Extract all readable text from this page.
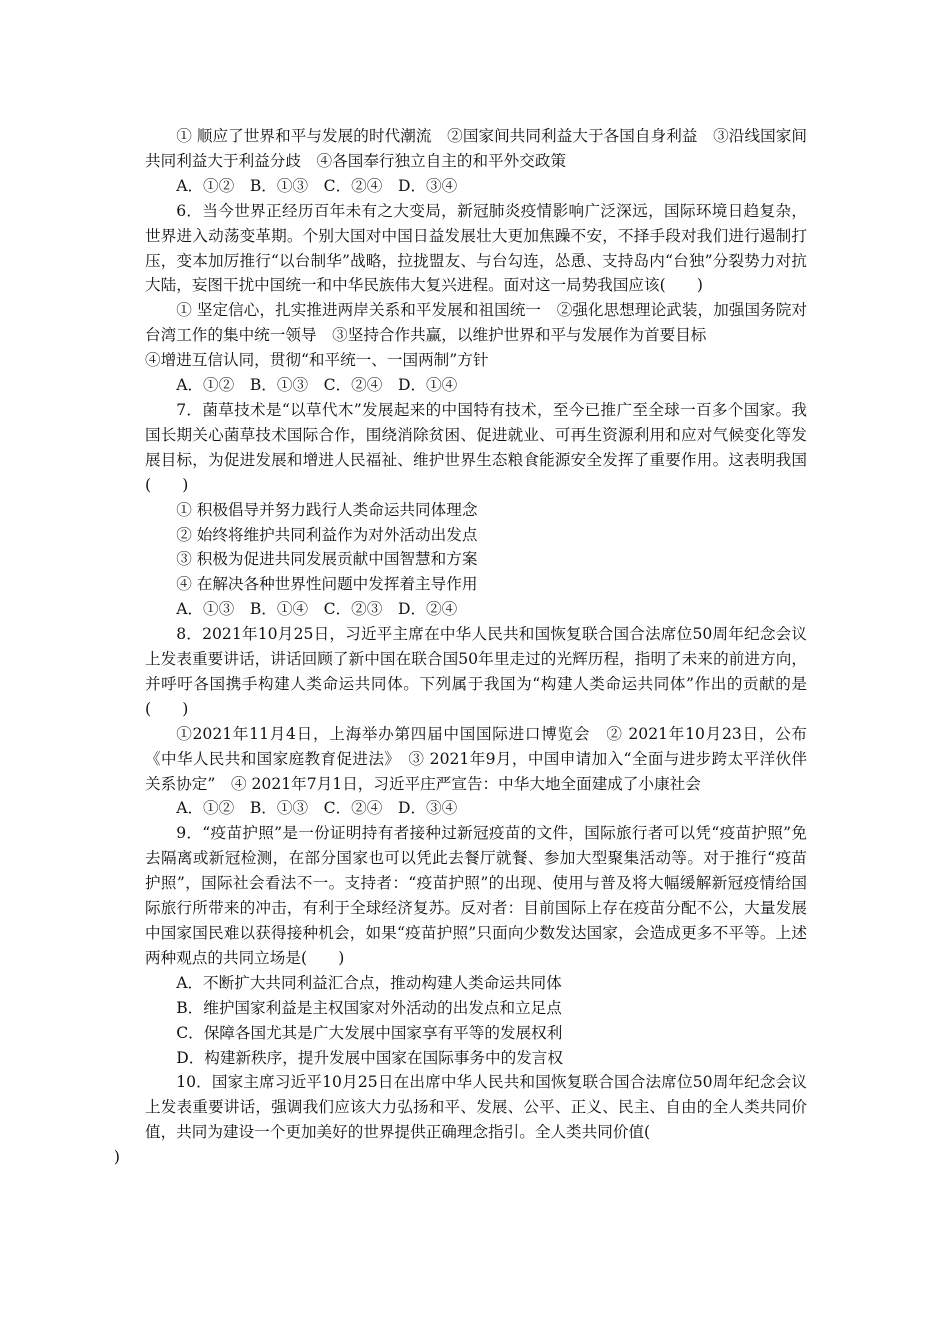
① 顺应了世界和平与发展的时代潮流　②国家间共同利益大于各国自身利益　③沿线国家间共同利益大于利益分歧　④各国奉行独立自主的和平外交政策

A．①②　B．①③　C．②④　D．③④

6．当今世界正经历百年未有之大变局，新冠肺炎疫情影响广泛深远，国际环境日趋复杂，世界进入动荡变革期。个别大国对中国日益发展壮大更加焦躁不安，不择手段对我们进行遏制打压，变本加厉推行“以台制华”战略，拉拢盟友、与台勾连，怂恿、支持岛内“台独”分裂势力对抗大陆，妄图干扰中国统一和中华民族伟大复兴进程。面对这一局势我国应该(　　)

① 坚定信心，扎实推进两岸关系和平发展和祖国统一　②强化思想理论武装，加强国务院对台湾工作的集中统一领导　③坚持合作共赢，以维护世界和平与发展作为首要目标
④增进互信认同，贯彻“和平统一、一国两制”方针

A．①②　B．①③　C．②④　D．①④

7．菌草技术是“以草代木”发展起来的中国特有技术，至今已推广至全球一百多个国家。我国长期关心菌草技术国际合作，围绕消除贫困、促进就业、可再生资源利用和应对气候变化等发展目标，为促进发展和增进人民福祉、维护世界生态粮食能源安全发挥了重要作用。这表明我国(　　)

① 积极倡导并努力践行人类命运共同体理念

② 始终将维护共同利益作为对外活动出发点

③ 积极为促进共同发展贡献中国智慧和方案

④ 在解决各种世界性问题中发挥着主导作用

A．①③　B．①④　C．②③　D．②④

8．2021年10月25日，习近平主席在中华人民共和国恢复联合国合法席位50周年纪念会议上发表重要讲话，讲话回顾了新中国在联合国50年里走过的光辉历程，指明了未来的前进方向，并呼吁各国携手构建人类命运共同体。下列属于我国为“构建人类命运共同体”作出的贡献的是(　　)

①2021年11月4日，上海举办第四届中国国际进口博览会　② 2021年10月23日，公布《中华人民共和国家庭教育促进法》　③ 2021年9月，中国申请加入“全面与进步跨太平洋伙伴关系协定”　④ 2021年7月1日，习近平庄严宣告：中华大地全面建成了小康社会

A．①②　B．①③　C．②④　D．③④

9．“疫苗护照”是一份证明持有者接种过新冠疫苗的文件，国际旅行者可以凭“疫苗护照”免去隔离或新冠检测，在部分国家也可以凭此去餐厅就餐、参加大型聚集活动等。对于推行“疫苗护照”，国际社会看法不一。支持者：“疫苗护照”的出现、使用与普及将大幅缓解新冠疫情给国际旅行所带来的冲击，有利于全球经济复苏。反对者：目前国际上存在疫苗分配不公，大量发展中国家国民难以获得接种机会，如果“疫苗护照”只面向少数发达国家，会造成更多不平等。上述两种观点的共同立场是(　　)

A．不断扩大共同利益汇合点，推动构建人类命运共同体

B．维护国家利益是主权国家对外活动的出发点和立足点

C．保障各国尤其是广大发展中国家享有平等的发展权利

D．构建新秩序，提升发展中国家在国际事务中的发言权

10．国家主席习近平10月25日在出席中华人民共和国恢复联合国合法席位50周年纪念会议上发表重要讲话，强调我们应该大力弘扬和平、发展、公平、正义、民主、自由的全人类共同价值，共同为建设一个更加美好的世界提供正确理念指引。全人类共同价值(
)
